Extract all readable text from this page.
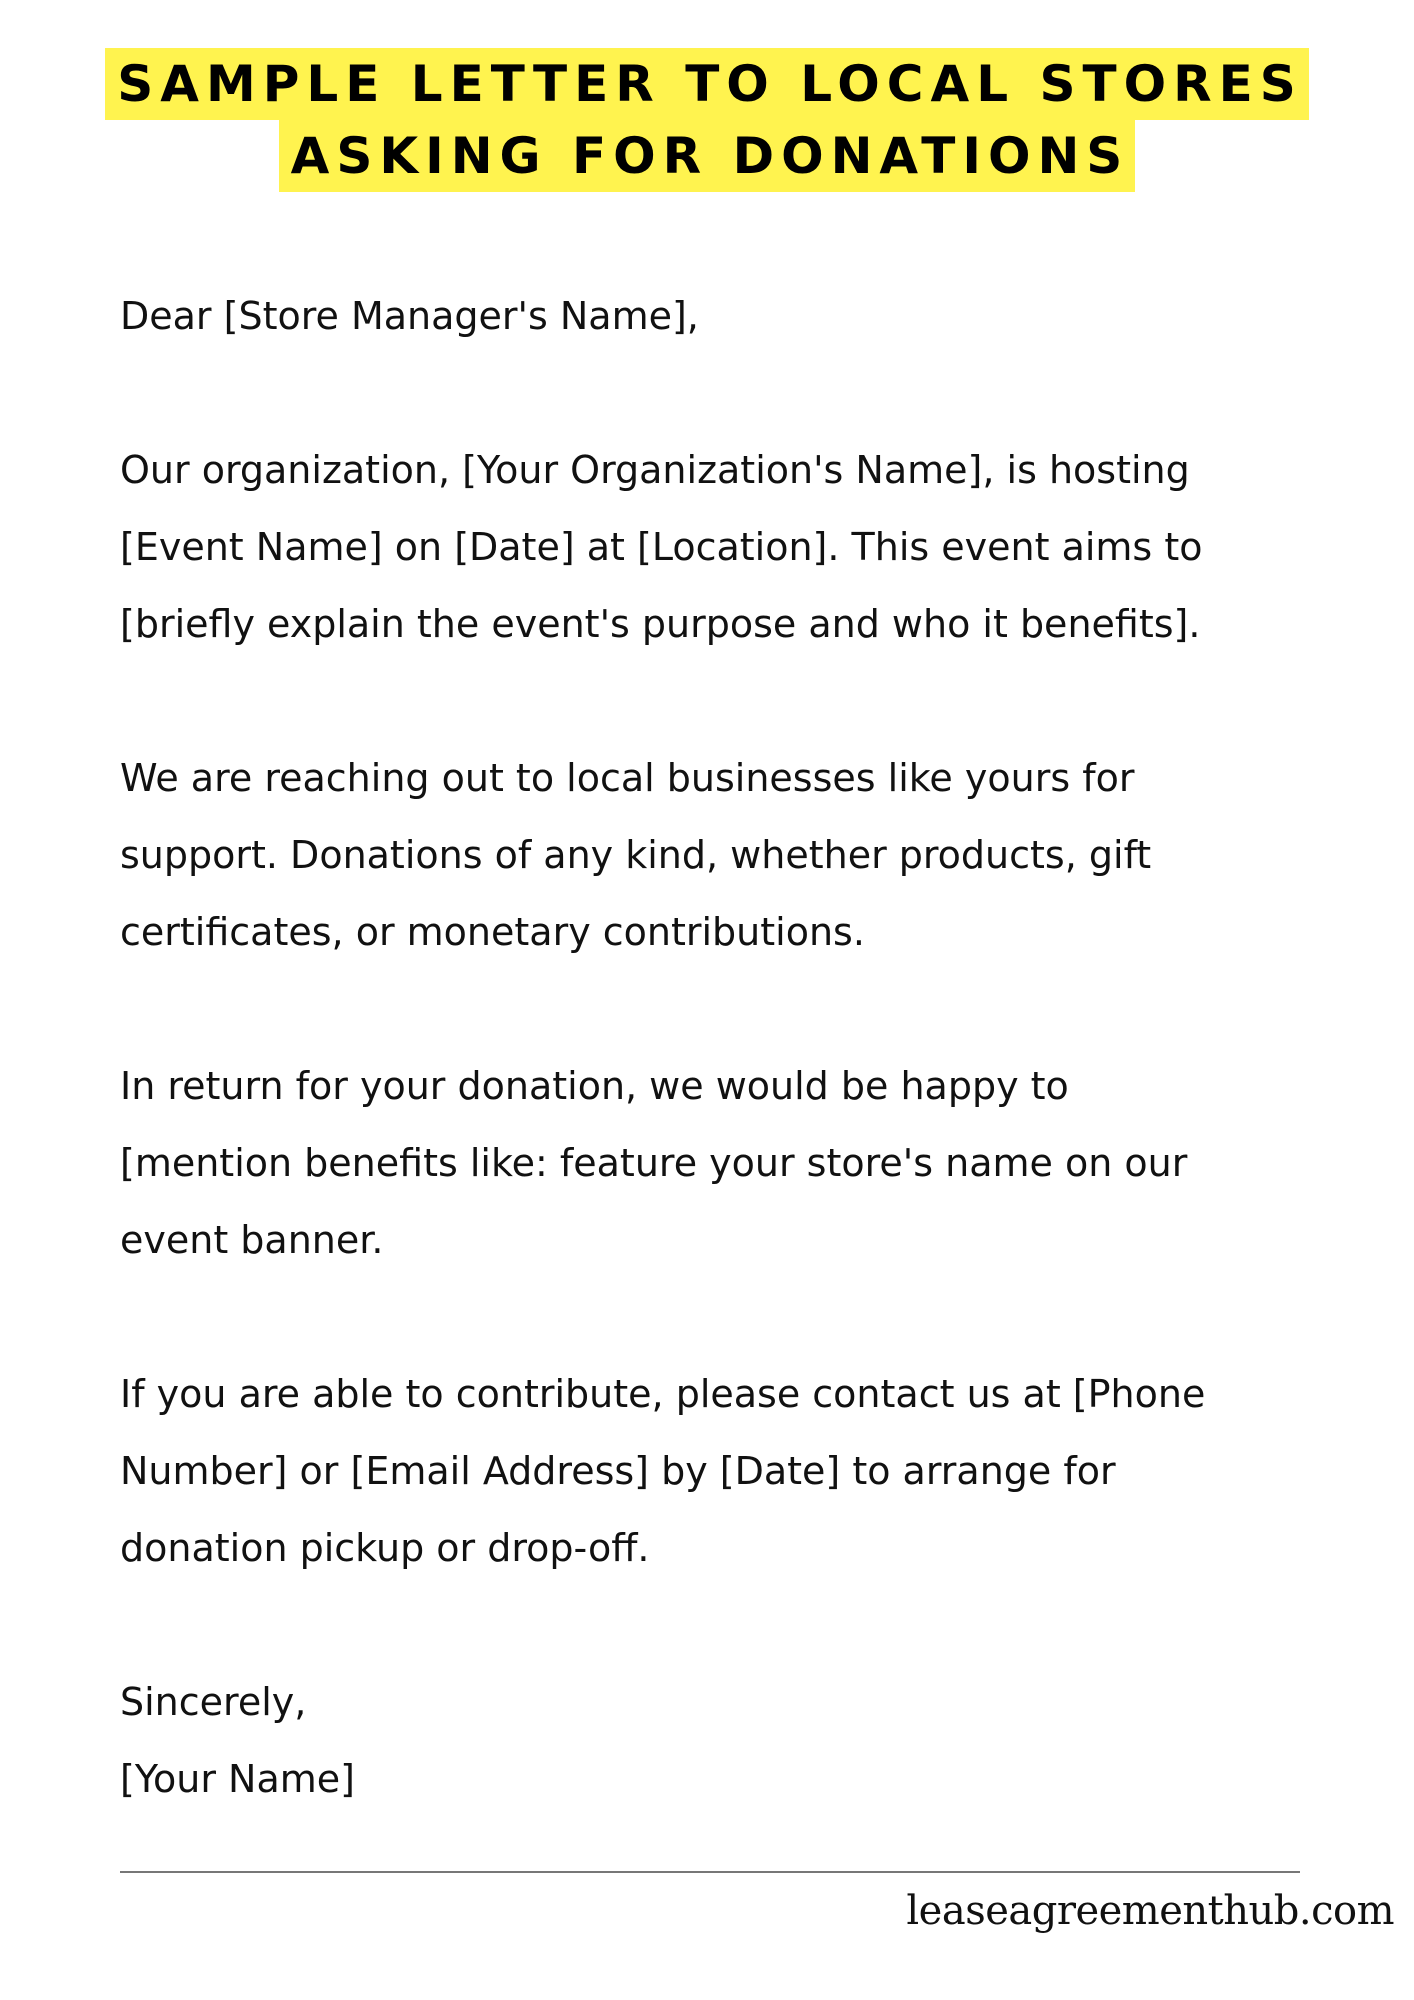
SAMPLE LETTER TO LOCAL STORES
ASKING FOR DONATIONS

Dear [Store Manager's Name],

Our organization, [Your Organization's Name], is hosting
[Event Name] on [Date] at [Location]. This event aims to
[briefly explain the event's purpose and who it benefits].

We are reaching out to local businesses like yours for
support. Donations of any kind, whether products, gift
certificates, or monetary contributions.

In return for your donation, we would be happy to
[mention benefits like: feature your store's name on our
event banner.

If you are able to contribute, please contact us at [Phone
Number] or [Email Address] by [Date] to arrange for
donation pickup or drop-off.

Sincerely,

[Your Name]

leaseagreementhub.com
